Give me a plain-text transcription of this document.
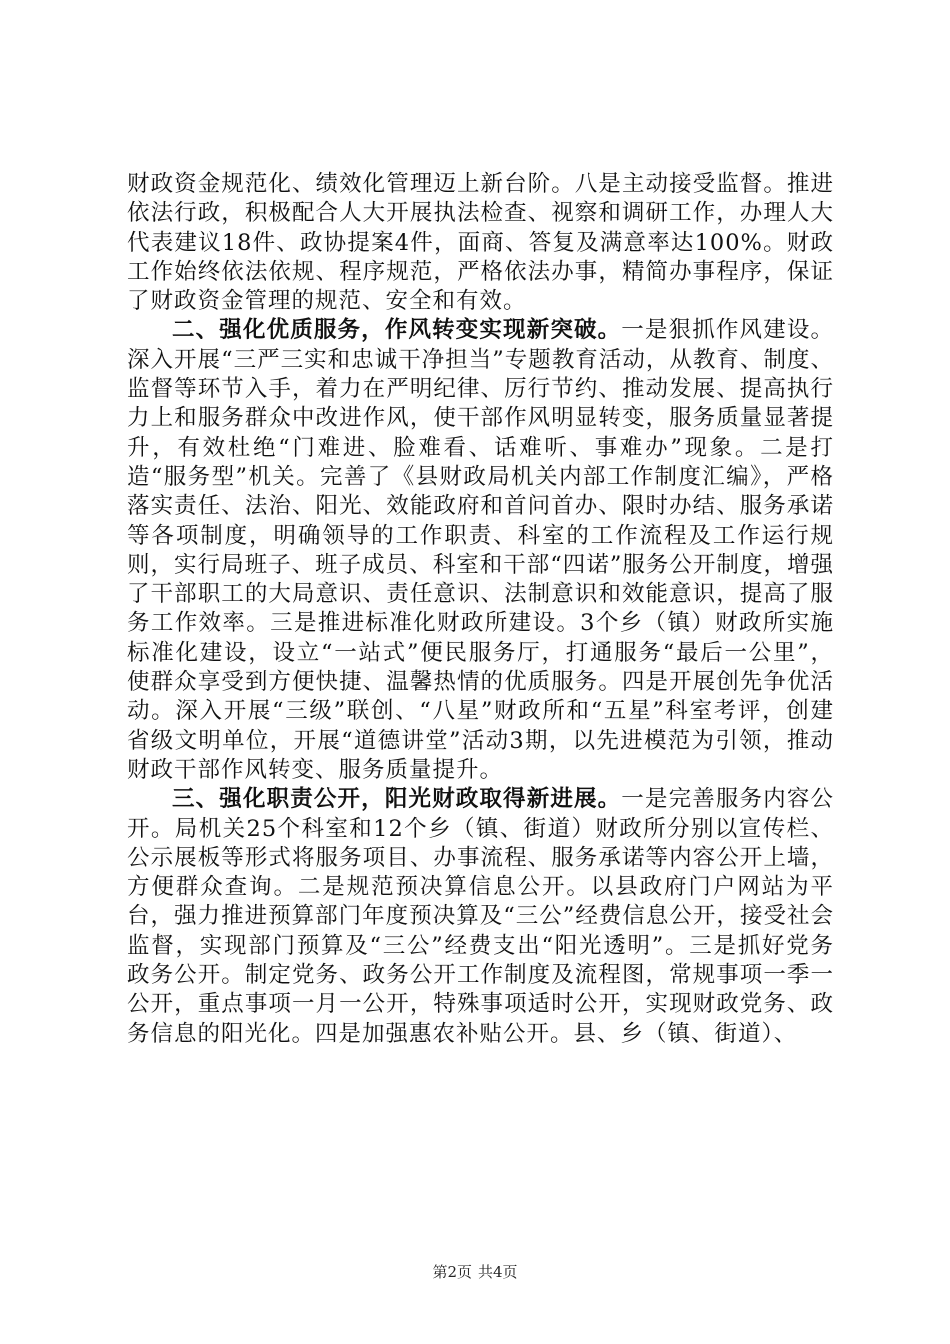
财政资金规范化、绩效化管理迈上新台阶。八是主动接受监督。推进依法行政，积极配合人大开展执法检查、视察和调研工作，办理人大代表建议18件、政协提案4件，面商、答复及满意率达100%。财政工作始终依法依规、程序规范，严格依法办事，精简办事程序，保证了财政资金管理的规范、安全和有效。

二、强化优质服务，作风转变实现新突破。一是狠抓作风建设。深入开展“三严三实和忠诚干净担当”专题教育活动，从教育、制度、监督等环节入手，着力在严明纪律、厉行节约、推动发展、提高执行力上和服务群众中改进作风，使干部作风明显转变，服务质量显著提升，有效杜绝“门难进、脸难看、话难听、事难办”现象。二是打造“服务型”机关。完善了《县财政局机关内部工作制度汇编》，严格落实责任、法治、阳光、效能政府和首问首办、限时办结、服务承诺等各项制度，明确领导的工作职责、科室的工作流程及工作运行规则，实行局班子、班子成员、科室和干部“四诺”服务公开制度，增强了干部职工的大局意识、责任意识、法制意识和效能意识，提高了服务工作效率。三是推进标准化财政所建设。3个乡（镇）财政所实施标准化建设，设立“一站式”便民服务厅，打通服务“最后一公里”，使群众享受到方便快捷、温馨热情的优质服务。四是开展创先争优活动。深入开展“三级”联创、“八星”财政所和“五星”科室考评，创建省级文明单位，开展“道德讲堂”活动3期，以先进模范为引领，推动财政干部作风转变、服务质量提升。

三、强化职责公开，阳光财政取得新进展。一是完善服务内容公开。局机关25个科室和12个乡（镇、街道）财政所分别以宣传栏、公示展板等形式将服务项目、办事流程、服务承诺等内容公开上墙，方便群众查询。二是规范预决算信息公开。以县政府门户网站为平台，强力推进预算部门年度预决算及“三公”经费信息公开，接受社会监督，实现部门预算及“三公”经费支出“阳光透明”。三是抓好党务政务公开。制定党务、政务公开工作制度及流程图，常规事项一季一公开，重点事项一月一公开，特殊事项适时公开，实现财政党务、政务信息的阳光化。四是加强惠农补贴公开。县、乡（镇、街道）、

第2页 共4页
